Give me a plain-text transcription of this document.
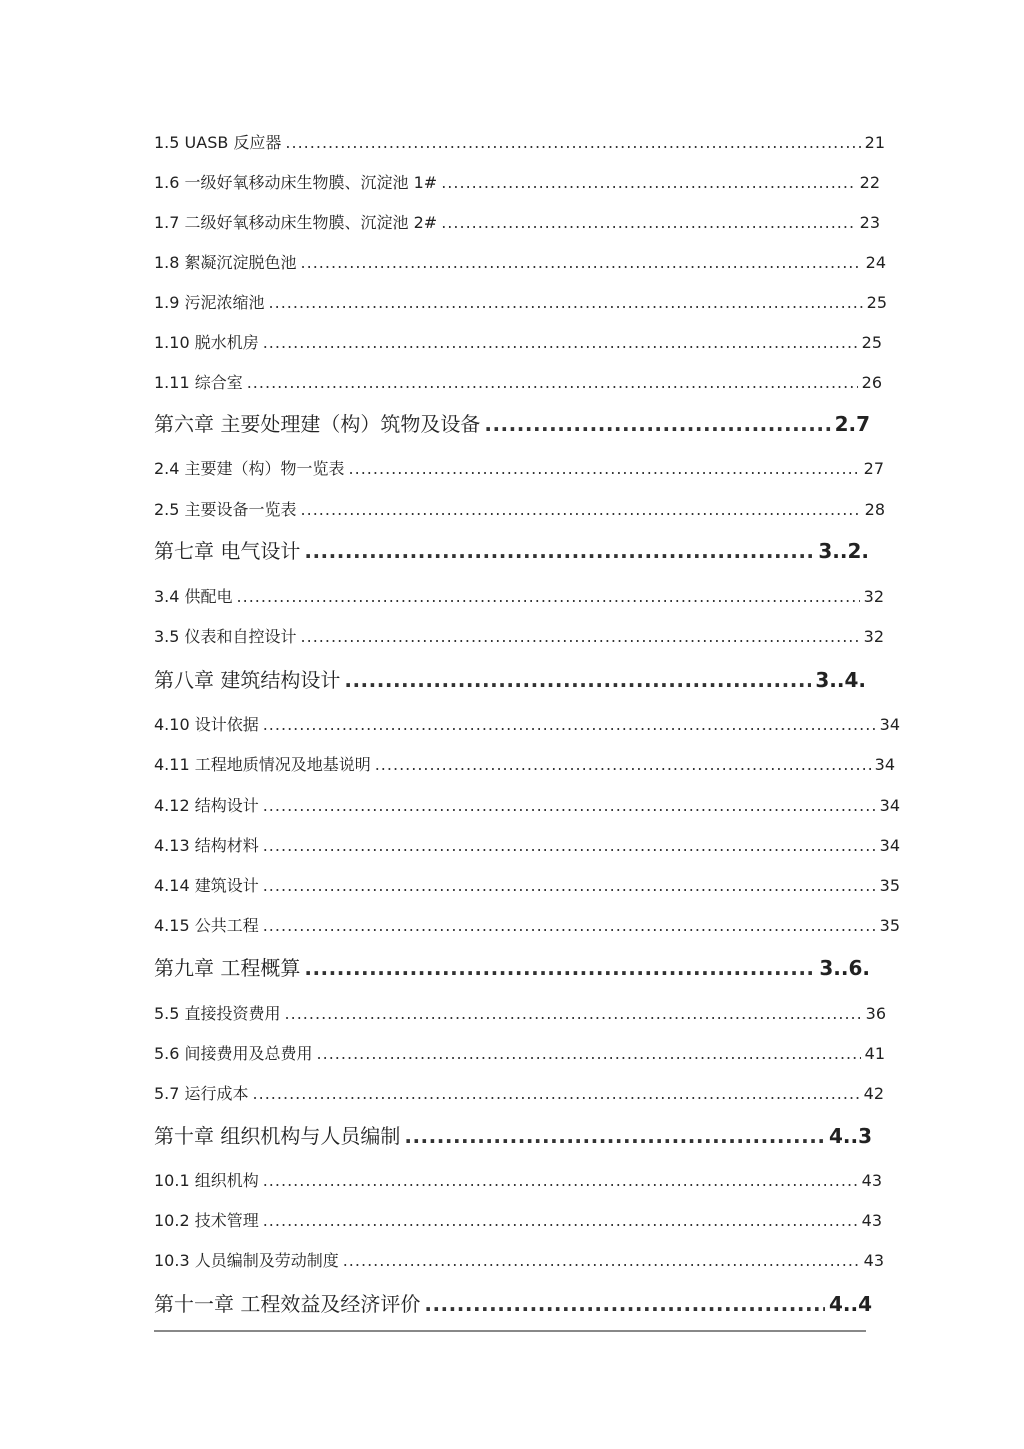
1.5 UASB 反应器 .....	21
1.6 一级好氧移动床生物膜、沉淀池 1# .....	22
1.7 二级好氧移动床生物膜、沉淀池 2# .....	23
1.8 絮凝沉淀脱色池 .....	24
1.9 污泥浓缩池 .....	25
1.10 脱水机房 .....	25
1.11 综合室 .....	26
第六章 主要处理建（构）筑物及设备 .....	2.7
2.4 主要建（构）物一览表 .....	27
2.5 主要设备一览表 .....	28
第七章 电气设计 .....	3..2.
3.4 供配电 .....	32
3.5 仪表和自控设计 .....	32
第八章 建筑结构设计 .....	3..4.
4.10 设计依据 .....	34
4.11 工程地质情况及地基说明 .....	34
4.12 结构设计 .....	34
4.13 结构材料 .....	34
4.14 建筑设计 .....	35
4.15 公共工程 .....	35
第九章 工程概算 .....	3..6.
5.5 直接投资费用 .....	36
5.6 间接费用及总费用 .....	41
5.7 运行成本 .....	42
第十章 组织机构与人员编制 .....	4..3
10.1 组织机构 .....	43
10.2 技术管理 .....	43
10.3 人员编制及劳动制度 .....	43
第十一章 工程效益及经济评价 .....	4..4
